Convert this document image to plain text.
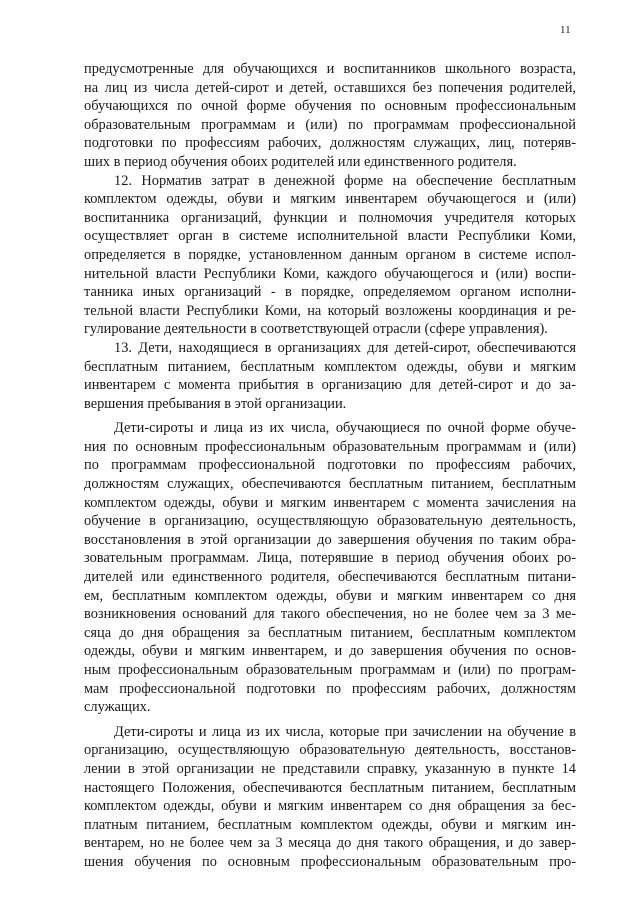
11
предусмотренные для обучающихся и воспитанников школьного возраста,
на лиц из числа детей-сирот и детей, оставшихся без попечения родителей,
обучающихся по очной форме обучения по основным профессиональным
образовательным программам и (или) по программам профессиональной
подготовки по профессиям рабочих, должностям служащих, лиц, потеряв-
ших в период обучения обоих родителей или единственного родителя.
12. Норматив затрат в денежной форме на обеспечение бесплатным
комплектом одежды, обуви и мягким инвентарем обучающегося и (или)
воспитанника организаций, функции и полномочия учредителя которых
осуществляет орган в системе исполнительной власти Республики Коми,
определяется в порядке, установленном данным органом в системе испол-
нительной власти Республики Коми, каждого обучающегося и (или) воспи-
танника иных организаций - в порядке, определяемом органом исполни-
тельной власти Республики Коми, на который возложены координация и ре-
гулирование деятельности в соответствующей отрасли (сфере управления).
13. Дети, находящиеся в организациях для детей-сирот, обеспечиваются
бесплатным питанием, бесплатным комплектом одежды, обуви и мягким
инвентарем с момента прибытия в организацию для детей-сирот и до за-
вершения пребывания в этой организации.
Дети-сироты и лица из их числа, обучающиеся по очной форме обуче-
ния по основным профессиональным образовательным программам и (или)
по программам профессиональной подготовки по профессиям рабочих,
должностям служащих, обеспечиваются бесплатным питанием, бесплатным
комплектом одежды, обуви и мягким инвентарем с момента зачисления на
обучение в организацию, осуществляющую образовательную деятельность,
восстановления в этой организации до завершения обучения по таким обра-
зовательным программам. Лица, потерявшие в период обучения обоих ро-
дителей или единственного родителя, обеспечиваются бесплатным питани-
ем, бесплатным комплектом одежды, обуви и мягким инвентарем со дня
возникновения оснований для такого обеспечения, но не более чем за 3 ме-
сяца до дня обращения за бесплатным питанием, бесплатным комплектом
одежды, обуви и мягким инвентарем, и до завершения обучения по основ-
ным профессиональным образовательным программам и (или) по програм-
мам профессиональной подготовки по профессиям рабочих, должностям
служащих.
Дети-сироты и лица из их числа, которые при зачислении на обучение в
организацию, осуществляющую образовательную деятельность, восстанов-
лении в этой организации не представили справку, указанную в пункте 14
настоящего Положения, обеспечиваются бесплатным питанием, бесплатным
комплектом одежды, обуви и мягким инвентарем со дня обращения за бес-
платным питанием, бесплатным комплектом одежды, обуви и мягким ин-
вентарем, но не более чем за 3 месяца до дня такого обращения, и до завер-
шения обучения по основным профессиональным образовательным про-
